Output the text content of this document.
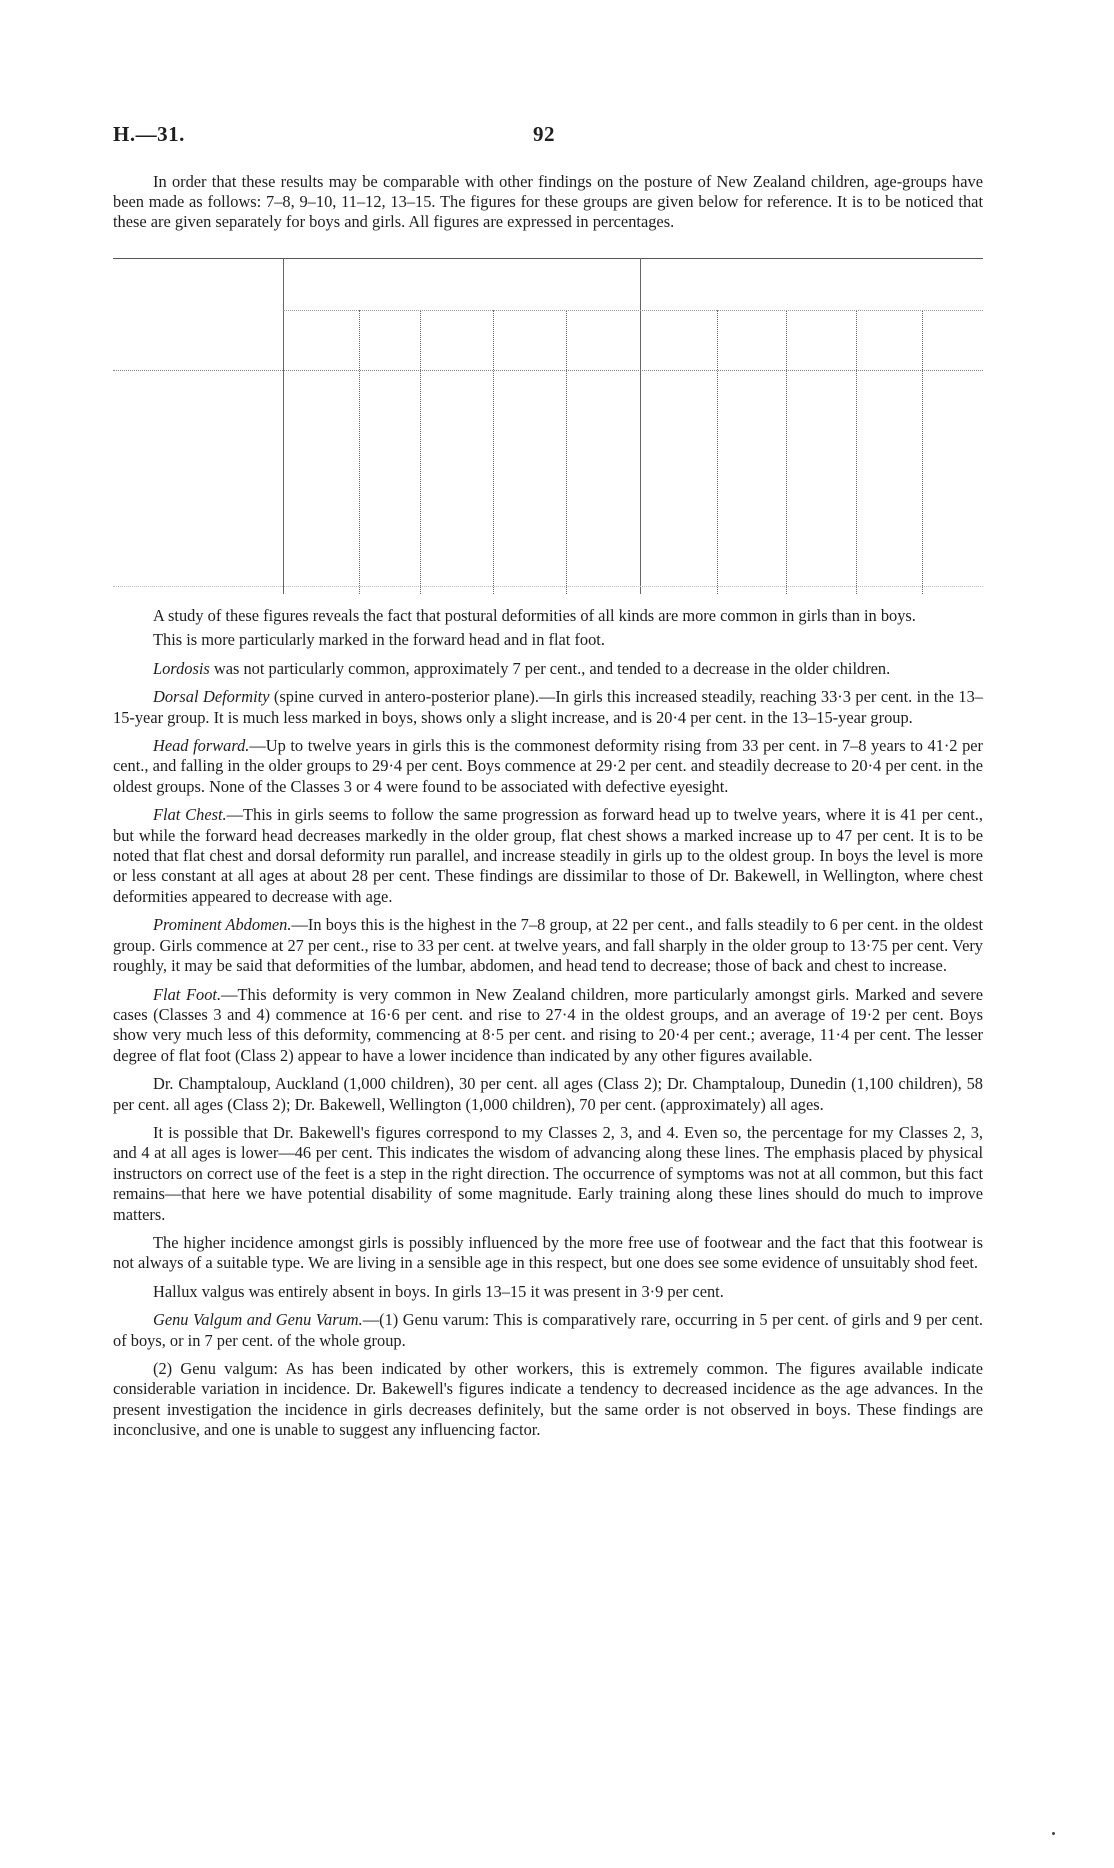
H.—31.	92

In order that these results may be comparable with other findings on the posture of New Zealand children, age-groups have been made as follows: 7–8, 9–10, 11–12, 13–15. The figures for these groups are given below for reference. It is to be noticed that these are given separately for boys and girls. All figures are expressed in percentages.

A study of these figures reveals the fact that postural deformities of all kinds are more common in girls than in boys.

This is more particularly marked in the forward head and in flat foot.

Lordosis was not particularly common, approximately 7 per cent., and tended to a decrease in the older children.

Dorsal Deformity (spine curved in antero-posterior plane).—In girls this increased steadily, reaching 33·3 per cent. in the 13–15-year group. It is much less marked in boys, shows only a slight increase, and is 20·4 per cent. in the 13–15-year group.

Head forward.—Up to twelve years in girls this is the commonest deformity rising from 33 per cent. in 7–8 years to 41·2 per cent., and falling in the older groups to 29·4 per cent. Boys commence at 29·2 per cent. and steadily decrease to 20·4 per cent. in the oldest groups. None of the Classes 3 or 4 were found to be associated with defective eyesight.

Flat Chest.—This in girls seems to follow the same progression as forward head up to twelve years, where it is 41 per cent., but while the forward head decreases markedly in the older group, flat chest shows a marked increase up to 47 per cent. It is to be noted that flat chest and dorsal deformity run parallel, and increase steadily in girls up to the oldest group. In boys the level is more or less constant at all ages at about 28 per cent. These findings are dissimilar to those of Dr. Bakewell, in Wellington, where chest deformities appeared to decrease with age.

Prominent Abdomen.—In boys this is the highest in the 7–8 group, at 22 per cent., and falls steadily to 6 per cent. in the oldest group. Girls commence at 27 per cent., rise to 33 per cent. at twelve years, and fall sharply in the older group to 13·75 per cent. Very roughly, it may be said that deformities of the lumbar, abdomen, and head tend to decrease; those of back and chest to increase.

Flat Foot.—This deformity is very common in New Zealand children, more particularly amongst girls. Marked and severe cases (Classes 3 and 4) commence at 16·6 per cent. and rise to 27·4 in the oldest groups, and an average of 19·2 per cent. Boys show very much less of this deformity, commencing at 8·5 per cent. and rising to 20·4 per cent.; average, 11·4 per cent. The lesser degree of flat foot (Class 2) appear to have a lower incidence than indicated by any other figures available.

Dr. Champtaloup, Auckland (1,000 children), 30 per cent. all ages (Class 2); Dr. Champtaloup, Dunedin (1,100 children), 58 per cent. all ages (Class 2); Dr. Bakewell, Wellington (1,000 children), 70 per cent. (approximately) all ages.

It is possible that Dr. Bakewell's figures correspond to my Classes 2, 3, and 4. Even so, the percentage for my Classes 2, 3, and 4 at all ages is lower—46 per cent. This indicates the wisdom of advancing along these lines. The emphasis placed by physical instructors on correct use of the feet is a step in the right direction. The occurrence of symptoms was not at all common, but this fact remains—that here we have potential disability of some magnitude. Early training along these lines should do much to improve matters.

The higher incidence amongst girls is possibly influenced by the more free use of footwear and the fact that this footwear is not always of a suitable type. We are living in a sensible age in this respect, but one does see some evidence of unsuitably shod feet.

Hallux valgus was entirely absent in boys. In girls 13–15 it was present in 3·9 per cent.

Genu Valgum and Genu Varum.—(1) Genu varum: This is comparatively rare, occurring in 5 per cent. of girls and 9 per cent. of boys, or in 7 per cent. of the whole group.

(2) Genu valgum: As has been indicated by other workers, this is extremely common. The figures available indicate considerable variation in incidence. Dr. Bakewell's figures indicate a tendency to decreased incidence as the age advances. In the present investigation the incidence in girls decreases definitely, but the same order is not observed in boys. These findings are inconclusive, and one is unable to suggest any influencing factor.
